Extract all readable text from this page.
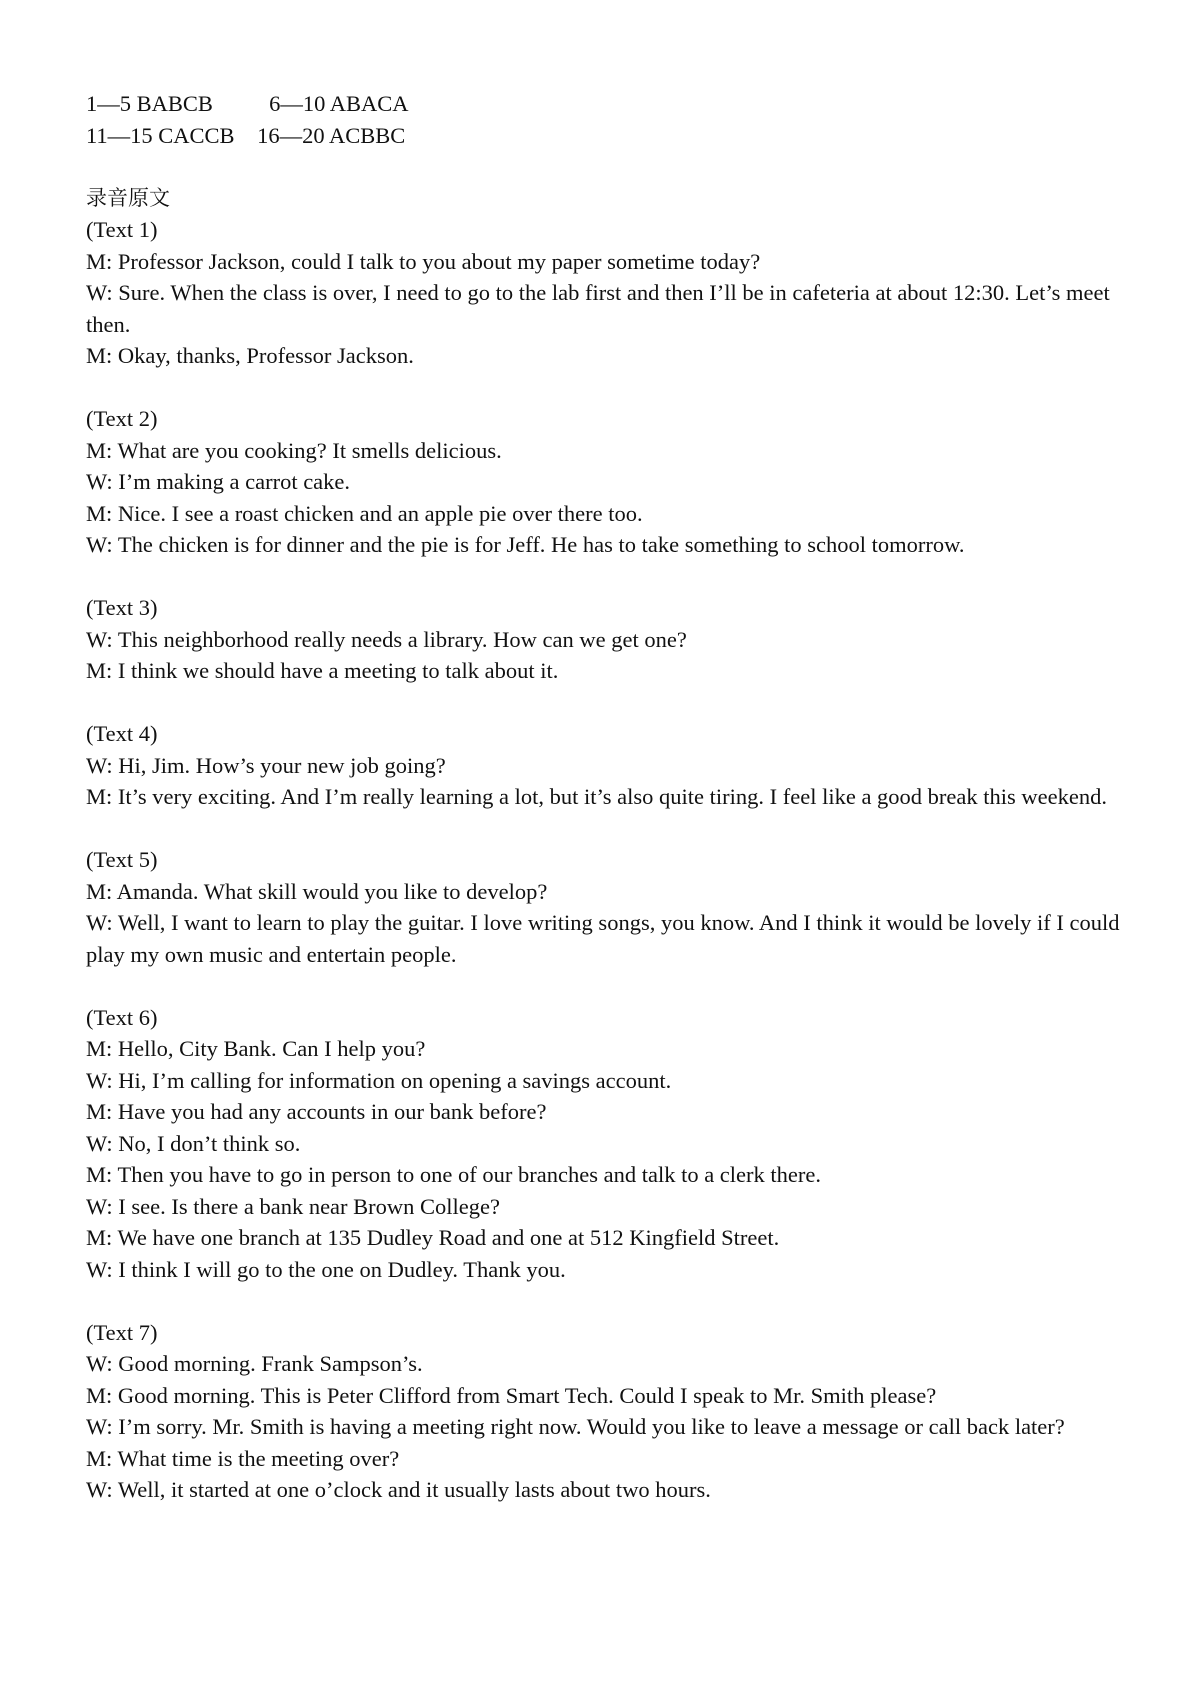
1—5 BABCB          6—10 ABACA

11—15 CACCB    16—20 ACBBC

录音原文

(Text 1)

M: Professor Jackson, could I talk to you about my paper sometime today?

W: Sure. When the class is over, I need to go to the lab first and then I’ll be in cafeteria at about 12:30. Let’s meet then.

M: Okay, thanks, Professor Jackson.

(Text 2)

M: What are you cooking? It smells delicious.

W: I’m making a carrot cake.

M: Nice. I see a roast chicken and an apple pie over there too.

W: The chicken is for dinner and the pie is for Jeff. He has to take something to school tomorrow.

(Text 3)

W: This neighborhood really needs a library. How can we get one?

M: I think we should have a meeting to talk about it.

(Text 4)

W: Hi, Jim. How’s your new job going?

M: It’s very exciting. And I’m really learning a lot, but it’s also quite tiring. I feel like a good break this weekend.

(Text 5)

M: Amanda. What skill would you like to develop?

W: Well, I want to learn to play the guitar. I love writing songs, you know. And I think it would be lovely if I could play my own music and entertain people.

(Text 6)

M: Hello, City Bank. Can I help you?

W: Hi, I’m calling for information on opening a savings account.

M: Have you had any accounts in our bank before?

W: No, I don’t think so.

M: Then you have to go in person to one of our branches and talk to a clerk there.

W: I see. Is there a bank near Brown College?

M: We have one branch at 135 Dudley Road and one at 512 Kingfield Street.

W: I think I will go to the one on Dudley. Thank you.

(Text 7)

W: Good morning. Frank Sampson’s.

M: Good morning. This is Peter Clifford from Smart Tech. Could I speak to Mr. Smith please?

W: I’m sorry. Mr. Smith is having a meeting right now. Would you like to leave a message or call back later?

M: What time is the meeting over?

W: Well, it started at one o’clock and it usually lasts about two hours.
